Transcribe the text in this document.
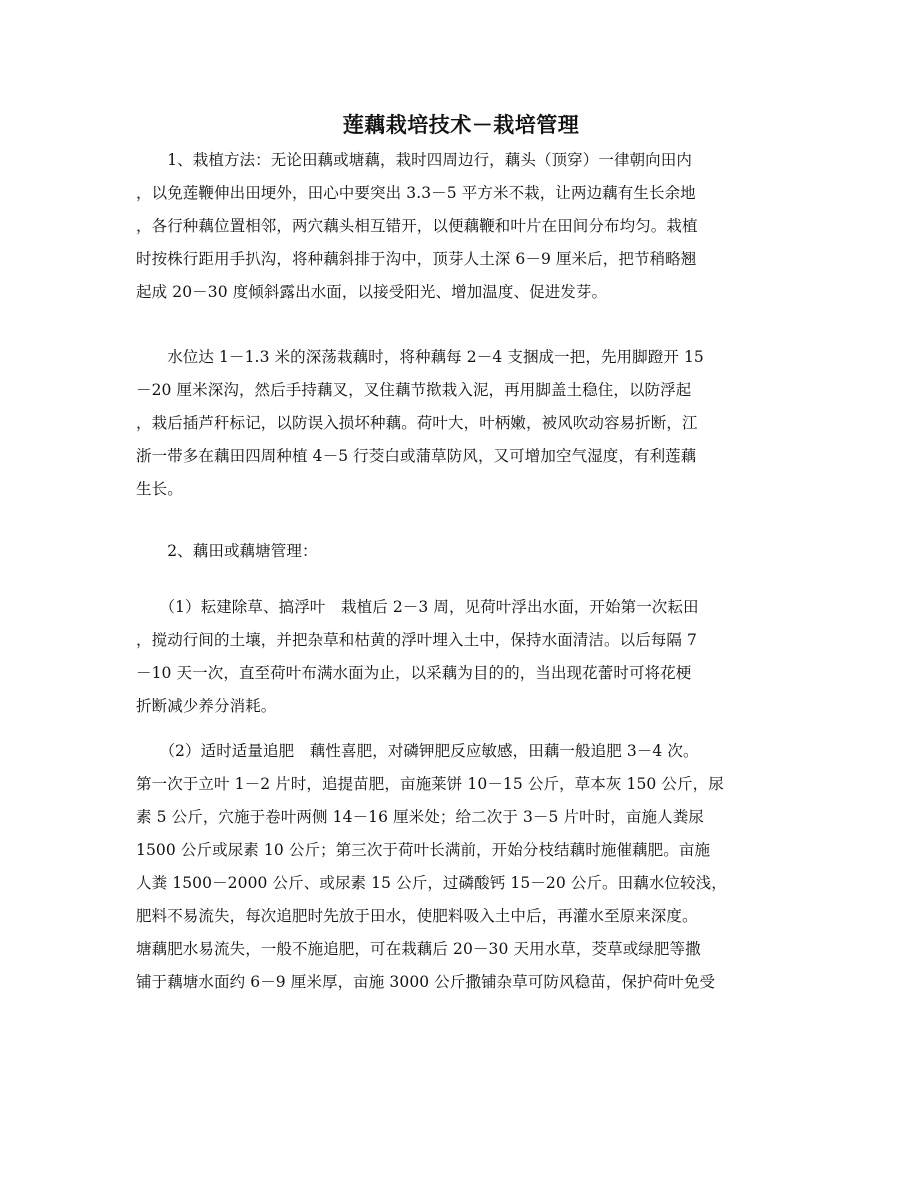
莲藕栽培技术－栽培管理
　　1、栽植方法：无论田藕或塘藕，栽时四周边行，藕头（顶穿）一律朝向田内
，以免莲鞭伸出田埂外，田心中要突出 3.3－5 平方米不栽，让两边藕有生长余地
，各行种藕位置相邻，两穴藕头相互错开，以便藕鞭和叶片在田间分布均匀。栽植
时按株行距用手扒沟，将种藕斜排于沟中，顶芽人土深 6－9 厘米后，把节稍略翘
起成 20－30 度倾斜露出水面，以接受阳光、增加温度、促进发芽。
　　水位达 1－1.3 米的深荡栽藕时，将种藕每 2－4 支捆成一把，先用脚蹬开 15
－20 厘米深沟，然后手持藕叉，叉住藕节揿栽入泥，再用脚盖土稳住，以防浮起
，栽后插芦秆标记，以防误入损坏种藕。荷叶大，叶柄嫩，被风吹动容易折断，江
浙一带多在藕田四周种植 4－5 行茭白或蒲草防风，又可增加空气湿度，有利莲藕
生长。
　　2、藕田或藕塘管理：
　　（1）耘建除草、搞浮叶　栽植后 2－3 周，见荷叶浮出水面，开始第一次耘田
，搅动行间的土壤，并把杂草和枯黄的浮叶埋入土中，保持水面清洁。以后每隔 7
－10 天一次，直至荷叶布满水面为止，以采藕为目的的，当出现花蕾时可将花梗
折断减少养分消耗。
　　（2）适时适量追肥　藕性喜肥，对磷钾肥反应敏感，田藕一般追肥 3－4 次。
第一次于立叶 1－2 片时，追提苗肥，亩施莱饼 10－15 公斤，草本灰 150 公斤，尿
素 5 公斤，穴施于卷叶两侧 14－16 厘米处；给二次于 3－5 片叶时，亩施人粪尿
1500 公斤或尿素 10 公斤；第三次于荷叶长满前，开始分枝结藕时施催藕肥。亩施
人粪 1500－2000 公斤、或尿素 15 公斤，过磷酸钙 15－20 公斤。田藕水位较浅，
肥料不易流失，每次追肥时先放于田水，使肥料吸入土中后，再灌水至原来深度。
塘藕肥水易流失，一般不施追肥，可在栽藕后 20－30 天用水草，茭草或绿肥等撒
铺于藕塘水面约 6－9 厘米厚，亩施 3000 公斤撒铺杂草可防风稳苗，保护荷叶免受
